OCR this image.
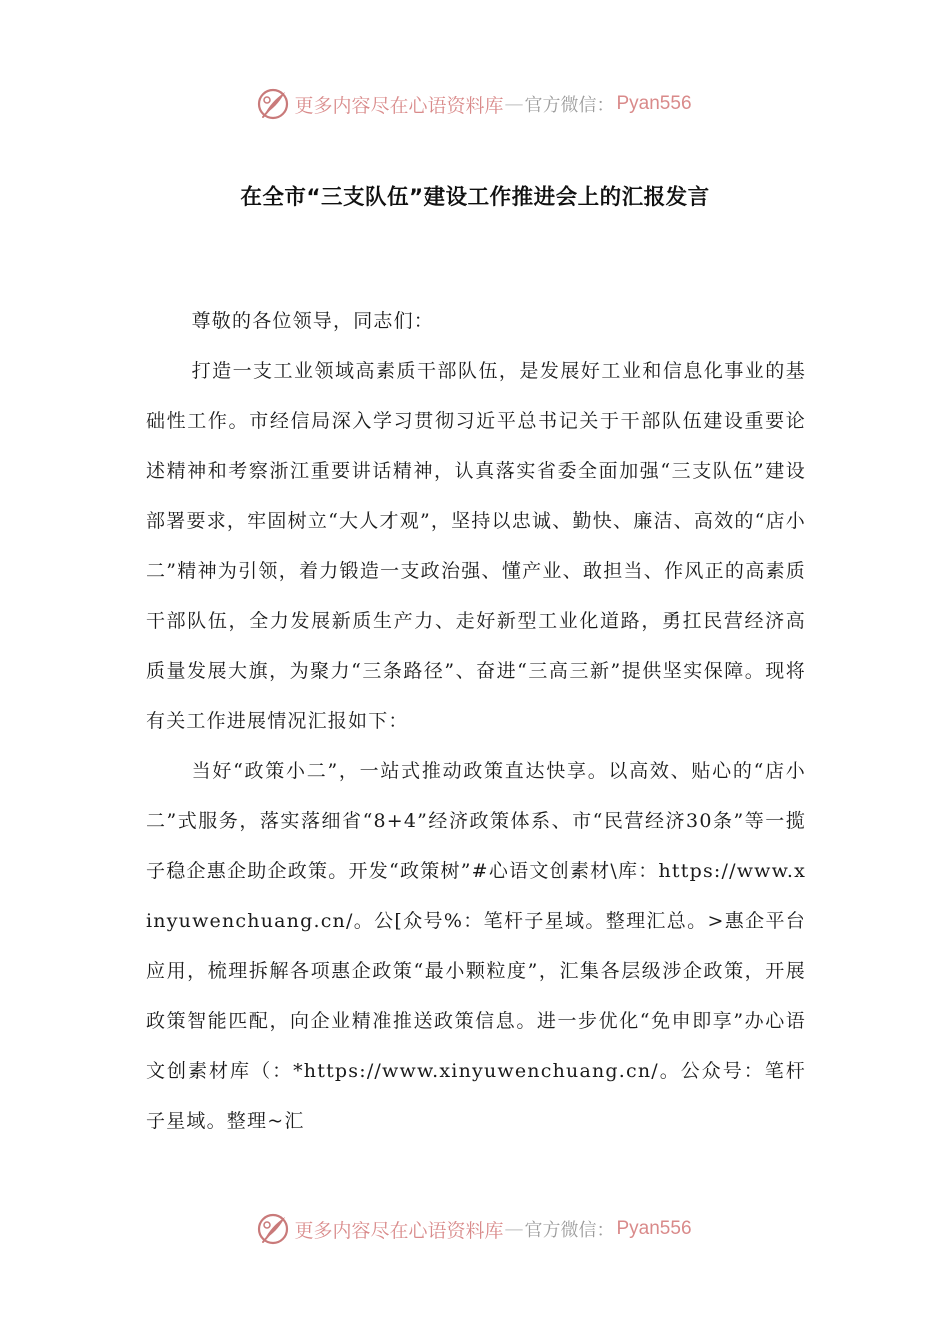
更多内容尽在心语资料库 — 官方微信： Pyan556
在全市“三支队伍”建设工作推进会上的汇报发言

尊敬的各位领导，同志们：

打造一支工业领域高素质干部队伍，是发展好工业和信息化事业的基础性工作。市经信局深入学习贯彻习近平总书记关于干部队伍建设重要论述精神和考察浙江重要讲话精神，认真落实省委全面加强“三支队伍”建设部署要求，牢固树立“大人才观”，坚持以忠诚、勤快、廉洁、高效的“店小二”精神为引领，着力锻造一支政治强、懂产业、敢担当、作风正的高素质干部队伍，全力发展新质生产力、走好新型工业化道路，勇扛民营经济高质量发展大旗，为聚力“三条路径”、奋进“三高三新”提供坚实保障。现将有关工作进展情况汇报如下：

当好“政策小二”，一站式推动政策直达快享。以高效、贴心的“店小二”式服务，落实落细省“8+4”经济政策体系、市“民营经济30条”等一揽子稳企惠企助企政策。开发“政策树”#心语文创素材\库：https://www.xinyuwenchuang.cn/。公[众号%：笔杆子星域。整理汇总。>惠企平台应用，梳理拆解各项惠企政策“最小颗粒度”，汇集各层级涉企政策，开展政策智能匹配，向企业精准推送政策信息。进一步优化“免申即享”办心语文创素材库（：*https://www.xinyuwenchuang.cn/。公众号：笔杆子星域。整理~汇

更多内容尽在心语资料库 — 官方微信： Pyan556
